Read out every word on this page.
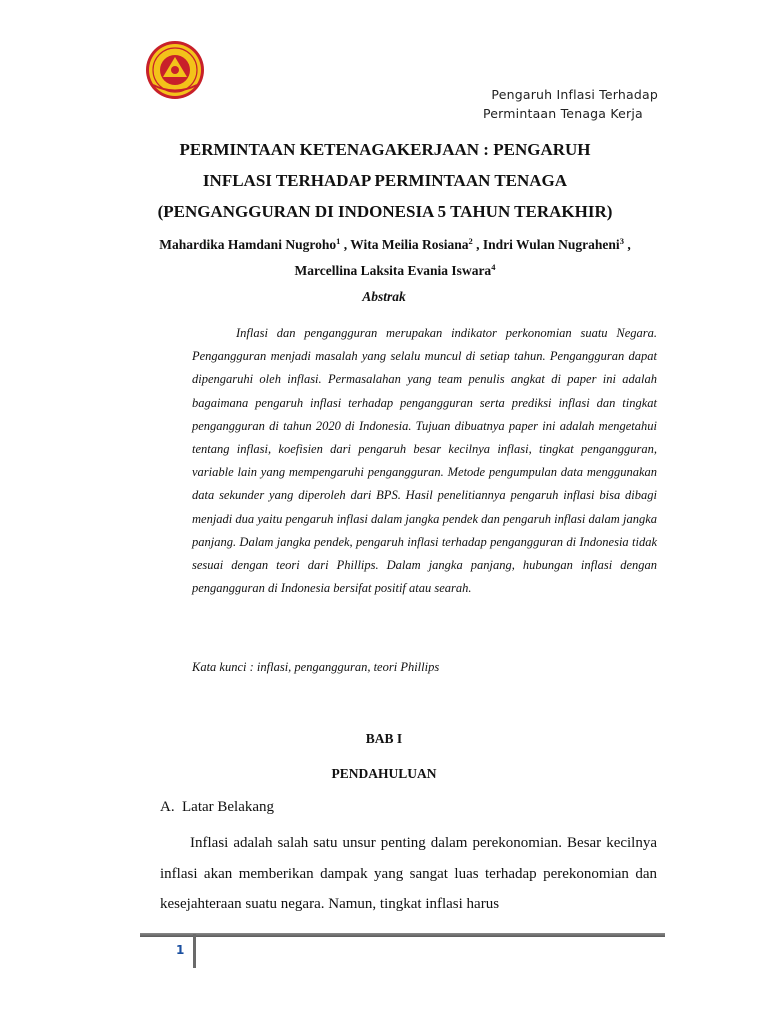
Pengaruh Inflasi Terhadap
Permintaan Tenaga Kerja
PERMINTAAN KETENAGAKERJAAN : PENGARUH
INFLASI TERHADAP PERMINTAAN TENAGA
(PENGANGGURAN DI INDONESIA 5 TAHUN TERAKHIR)
Mahardika Hamdani Nugroho$^1$ , Wita Meilia Rosiana$^2$ , Indri Wulan Nugraheni$^3$ , Marcellina Laksita Evania Iswara$^4$
Abstrak
Inflasi dan pengangguran merupakan indikator perkonomian suatu Negara. Pengangguran menjadi masalah yang selalu muncul di setiap tahun. Pengangguran dapat dipengaruhi oleh inflasi. Permasalahan yang team penulis angkat di paper ini adalah bagaimana pengaruh inflasi terhadap pengangguran serta prediksi inflasi dan tingkat pengangguran di tahun 2020 di Indonesia. Tujuan dibuatnya paper ini adalah mengetahui tentang inflasi, koefisien dari pengaruh besar kecilnya inflasi, tingkat pengangguran, variable lain yang mempengaruhi pengangguran. Metode pengumpulan data menggunakan data sekunder yang diperoleh dari BPS. Hasil penelitiannya pengaruh inflasi bisa dibagi menjadi dua yaitu pengaruh inflasi dalam jangka pendek dan pengaruh inflasi dalam jangka panjang. Dalam jangka pendek, pengaruh inflasi terhadap pengangguran di Indonesia tidak sesuai dengan teori dari Phillips. Dalam jangka panjang, hubungan inflasi dengan pengangguran di Indonesia bersifat positif atau searah.
Kata kunci : inflasi, pengangguran, teori Phillips
BAB I
PENDAHULUAN
A. Latar Belakang
Inflasi adalah salah satu unsur penting dalam perekonomian. Besar kecilnya inflasi akan memberikan dampak yang sangat luas terhadap perekonomian dan kesejahteraan suatu negara. Namun, tingkat inflasi harus
1
